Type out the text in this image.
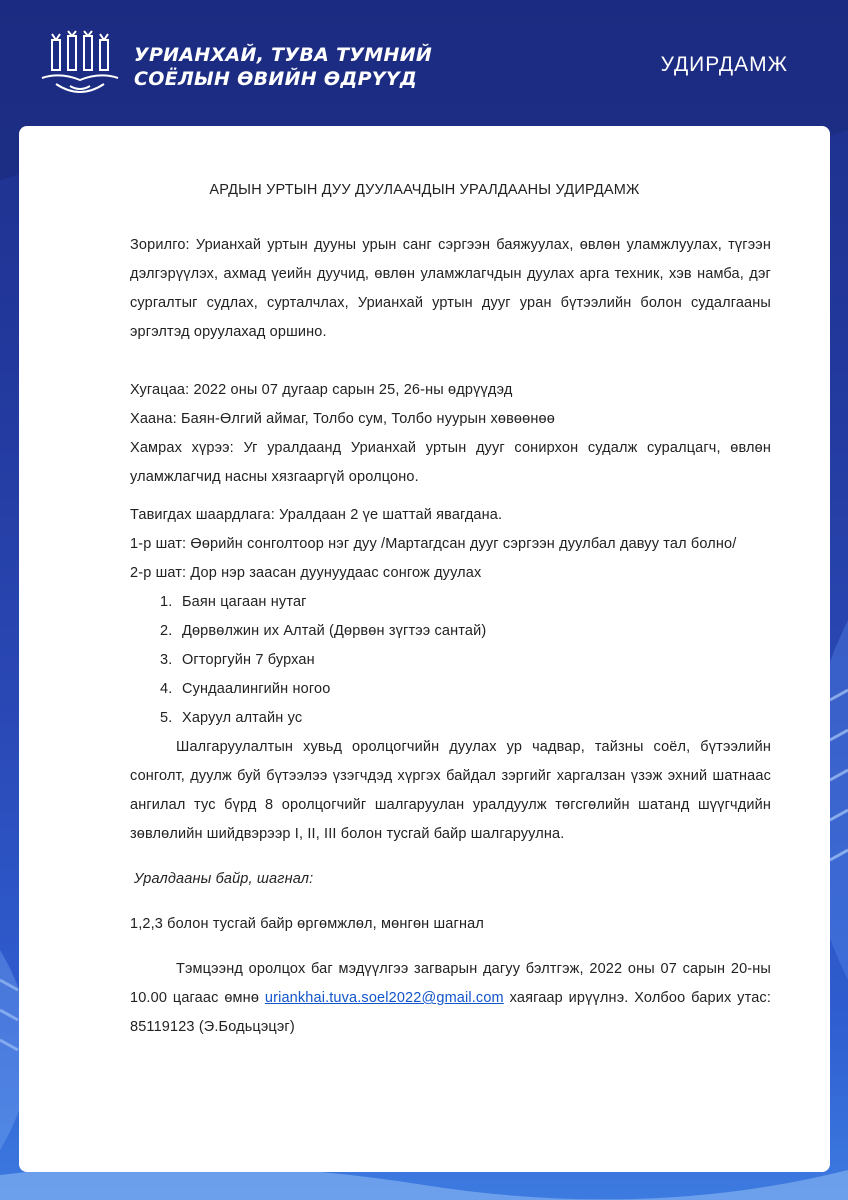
УРИАНХАЙ, ТУВА ТУМНИЙ
СОЁЛЫН ӨВИЙН ӨДРҮҮД
УДИРДАМЖ
АРДЫН УРТЫН ДУУ ДУУЛААЧДЫН УРАЛДААНЫ УДИРДАМЖ

Зорилго: Урианхай уртын дууны урын санг сэргээн баяжуулах, өвлөн уламжлуулах, түгээн дэлгэрүүлэх, ахмад үеийн дуучид, өвлөн уламжлагчдын дуулах арга техник, хэв намба, дэг сургалтыг судлах, сурталчлах, Урианхай уртын дууг уран бүтээлийн болон судалгааны эргэлтэд оруулахад оршино.

Хугацаа: 2022 оны 07 дугаар сарын 25, 26-ны өдрүүдэд

Хаана: Баян-Өлгий аймаг, Толбо сум, Толбо нуурын хөвөөнөө

Хамрах хүрээ: Уг уралдаанд Урианхай уртын дууг сонирхон судалж суралцагч, өвлөн уламжлагчид насны хязгааргүй оролцоно.

Тавигдах шаардлага: Уралдаан 2 үе шаттай явагдана.

1-р шат: Өөрийн сонголтоор нэг дуу /Мартагдсан дууг сэргээн дуулбал давуу тал болно/

2-р шат: Дор нэр заасан дуунуудаас сонгож дуулах

1. Баян цагаан нутаг
2. Дөрвөлжин их Алтай (Дөрвөн зүгтээ сантай)
3. Огторгуйн 7 бурхан
4. Сундаалингийн ногоо
5. Харуул алтайн ус

Шалгаруулалтын хувьд оролцогчийн дуулах ур чадвар, тайзны соёл, бүтээлийн сонголт, дуулж буй бүтээлээ үзэгчдэд хүргэх байдал зэргийг харгалзан үзэж эхний шатнаас ангилал тус бүрд 8 оролцогчийг шалгаруулан уралдуулж төгсгөлийн шатанд шүүгчдийн зөвлөлийн шийдвэрээр I, II, III болон тусгай байр шалгаруулна.

Уралдааны байр, шагнал:

1,2,3 болон тусгай байр өргөмжлөл, мөнгөн шагнал

Тэмцээнд оролцох баг мэдүүлгээ загварын дагуу бэлтгэж, 2022 оны 07 сарын 20-ны 10.00 цагаас өмнө uriankhai.tuva.soel2022@gmail.com хаягаар ирүүлнэ. Холбоо барих утас: 85119123 (Э.Бодьцэцэг)
